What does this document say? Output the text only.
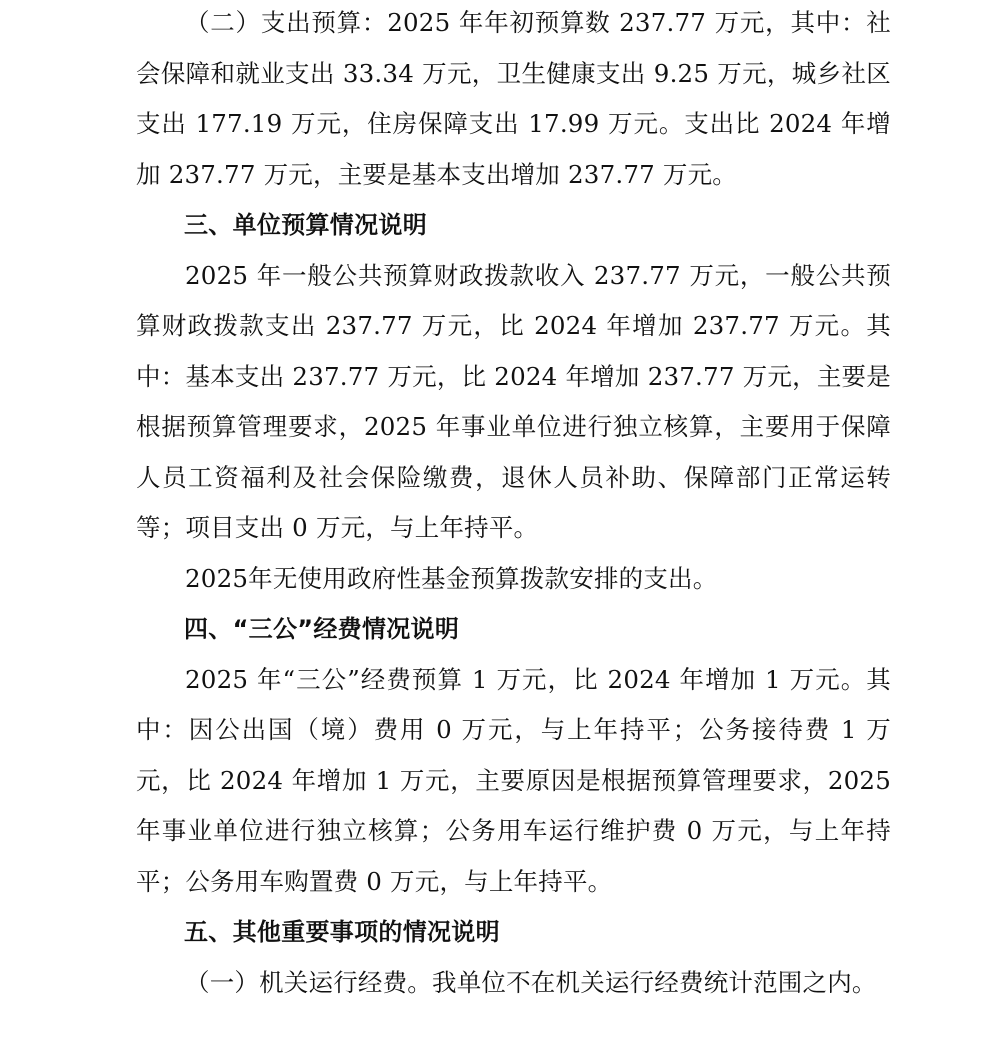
（二）支出预算：2025 年年初预算数 237.77 万元，其中：社会保障和就业支出 33.34 万元，卫生健康支出 9.25 万元，城乡社区支出 177.19 万元，住房保障支出 17.99 万元。支出比 2024 年增加 237.77 万元，主要是基本支出增加 237.77 万元。

三、单位预算情况说明

2025 年一般公共预算财政拨款收入 237.77 万元，一般公共预算财政拨款支出 237.77 万元，比 2024 年增加 237.77 万元。其中：基本支出 237.77 万元，比 2024 年增加 237.77 万元，主要是根据预算管理要求，2025 年事业单位进行独立核算，主要用于保障人员工资福利及社会保险缴费，退休人员补助、保障部门正常运转等；项目支出 0 万元，与上年持平。

2025年无使用政府性基金预算拨款安排的支出。

四、“三公”经费情况说明

2025 年“三公”经费预算 1 万元，比 2024 年增加 1 万元。其中：因公出国（境）费用 0 万元，与上年持平；公务接待费 1 万元，比 2024 年增加 1 万元，主要原因是根据预算管理要求，2025 年事业单位进行独立核算；公务用车运行维护费 0 万元，与上年持平；公务用车购置费 0 万元，与上年持平。

五、其他重要事项的情况说明

（一）机关运行经费。我单位不在机关运行经费统计范围之内。
